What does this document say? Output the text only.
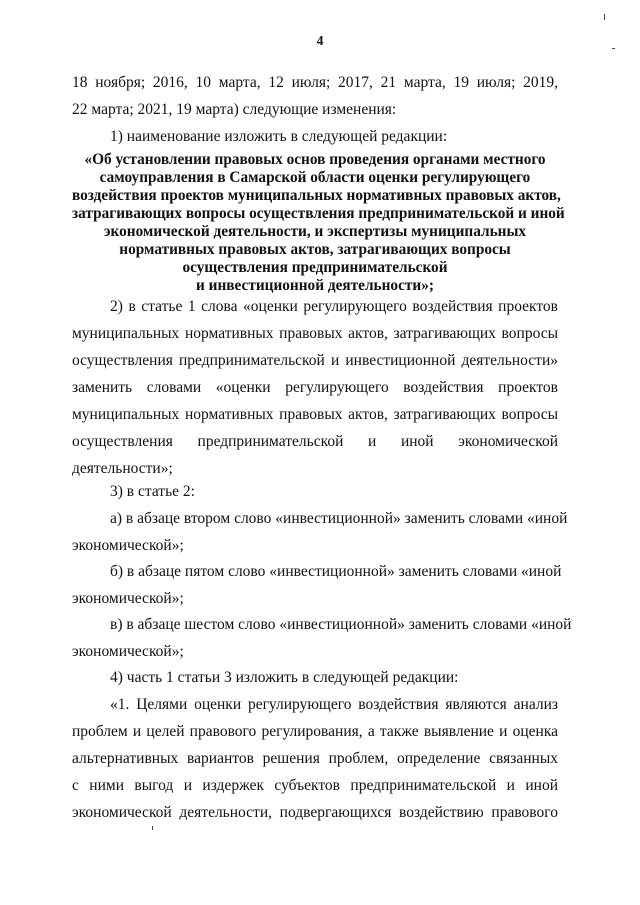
4
18 ноября; 2016, 10 марта, 12 июля; 2017, 21 марта, 19 июля; 2019,
22 марта; 2021, 19 марта) следующие изменения:
1) наименование изложить в следующей редакции:
«Об установлении правовых основ проведения органами местного
самоуправления в Самарской области оценки регулирующего
воздействия проектов муниципальных нормативных правовых актов,
затрагивающих вопросы осуществления предпринимательской и иной
экономической деятельности, и экспертизы муниципальных
нормативных правовых актов, затрагивающих вопросы
осуществления предпринимательской
и инвестиционной деятельности»;
2) в статье 1 слова «оценки регулирующего воздействия проектов
муниципальных нормативных правовых актов, затрагивающих вопросы
осуществления предпринимательской и инвестиционной деятельности»
заменить словами «оценки регулирующего воздействия проектов
муниципальных нормативных правовых актов, затрагивающих вопросы
осуществления предпринимательской и иной экономической
деятельности»;
3) в статье 2:
а) в абзаце втором слово «инвестиционной» заменить словами «иной
экономической»;
б) в абзаце пятом слово «инвестиционной» заменить словами «иной
экономической»;
в) в абзаце шестом слово «инвестиционной» заменить словами «иной
экономической»;
4) часть 1 статьи 3 изложить в следующей редакции:
«1. Целями оценки регулирующего воздействия являются анализ
проблем и целей правового регулирования, а также выявление и оценка
альтернативных вариантов решения проблем, определение связанных
с ними выгод и издержек субъектов предпринимательской и иной
экономической деятельности, подвергающихся воздействию правового
